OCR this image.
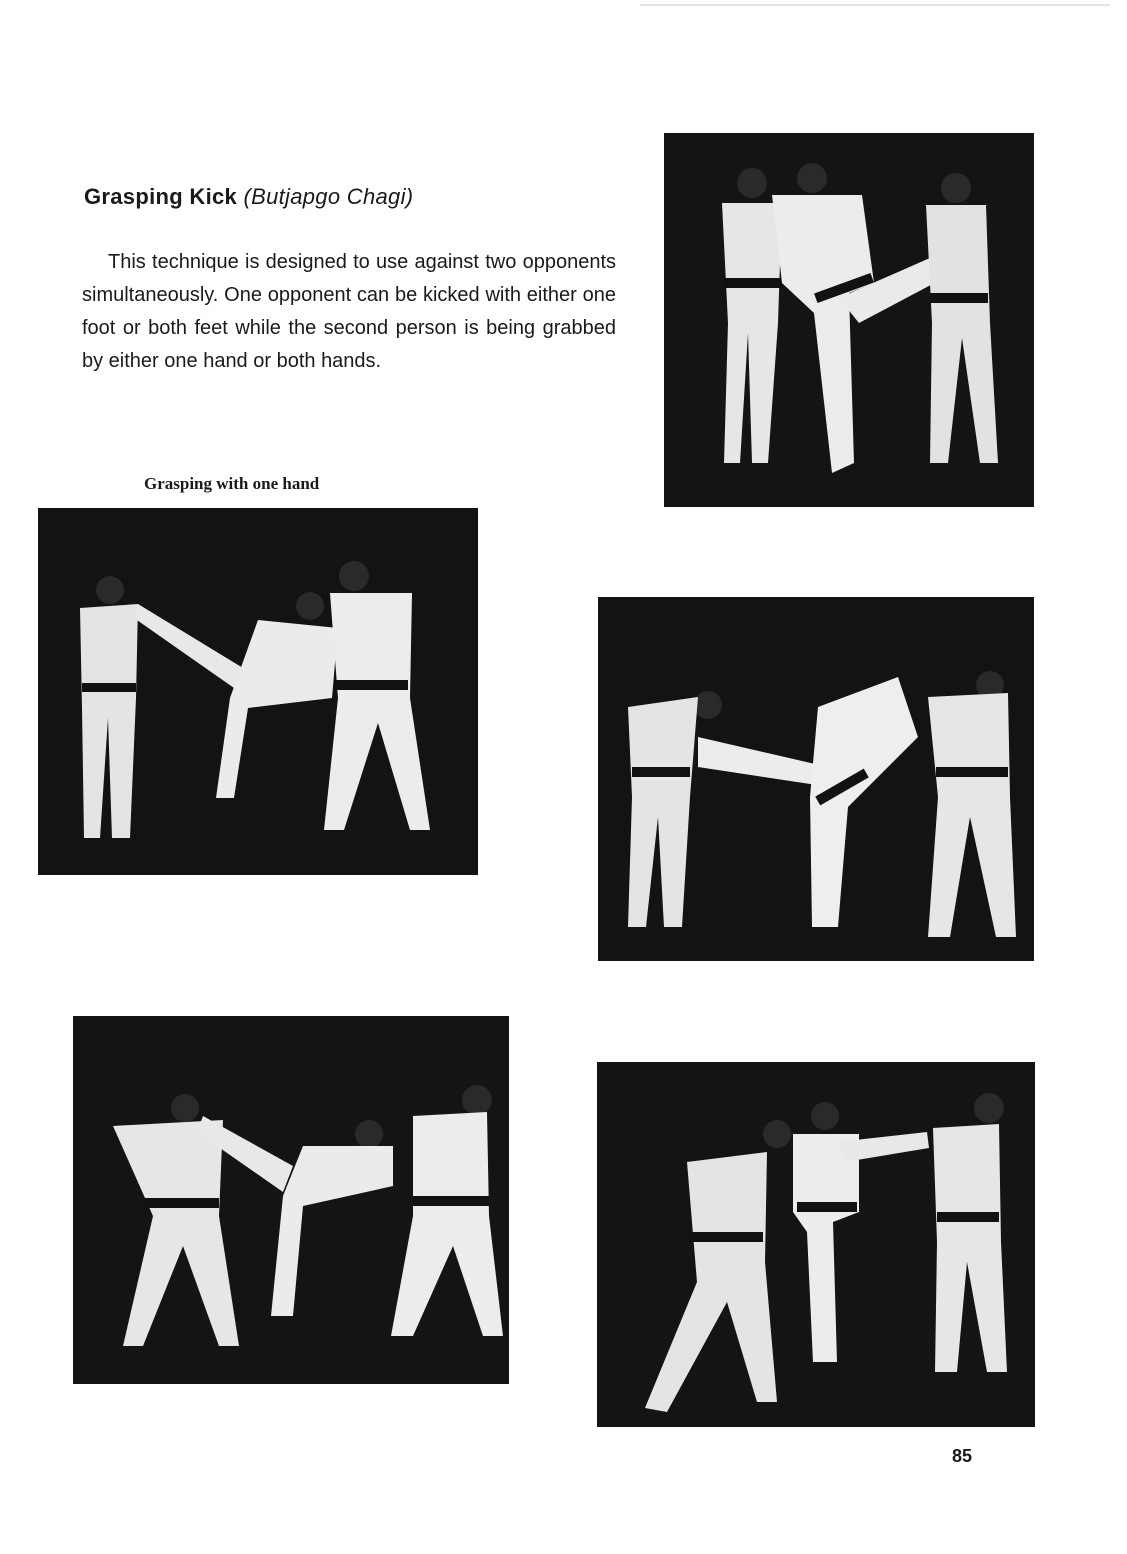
Grasping Kick (Butjapgo Chagi)

This technique is designed to use against two opponents simultaneously. One opponent can be kicked with either one foot or both feet while the second person is being grabbed by either one hand or both hands.

Grasping with one hand
85
